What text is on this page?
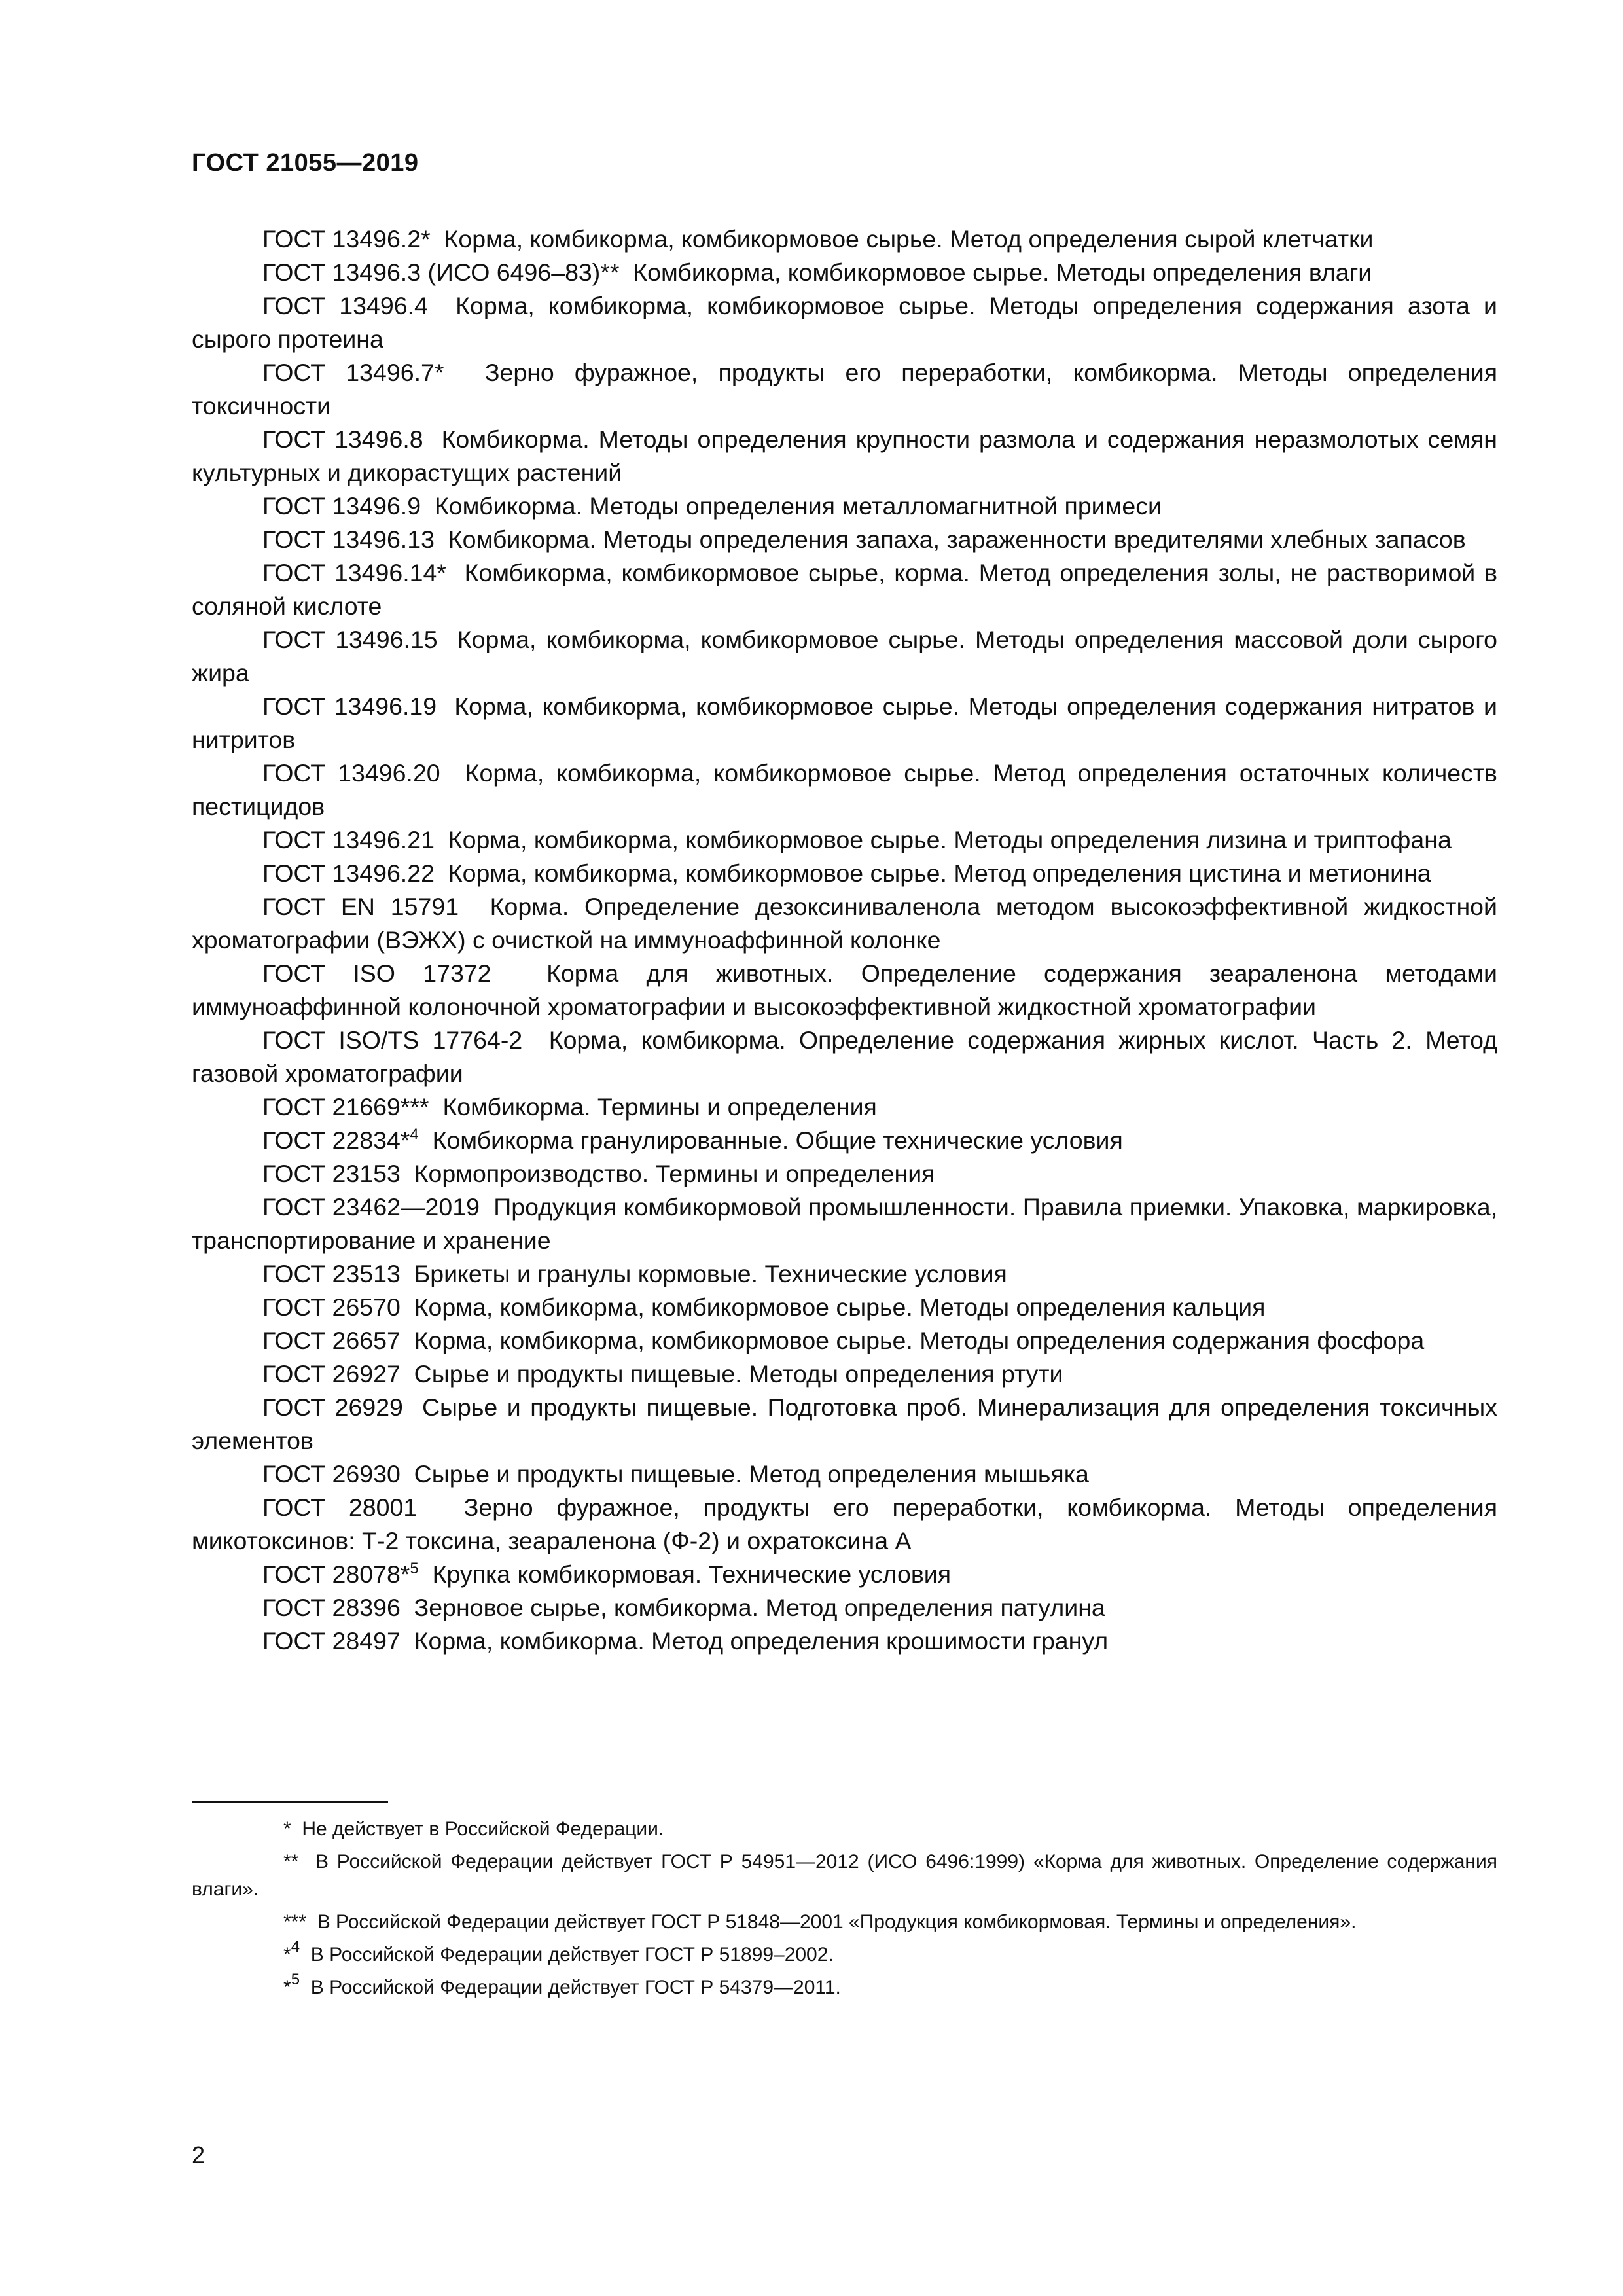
ГОСТ 21055—2019

ГОСТ 13496.2* Корма, комбикорма, комбикормовое сырье. Метод определения сырой клетчатки

ГОСТ 13496.3 (ИСО 6496–83)** Комбикорма, комбикормовое сырье. Методы определения влаги

ГОСТ 13496.4 Корма, комбикорма, комбикормовое сырье. Методы определения содержания азота и сырого протеина

ГОСТ 13496.7* Зерно фуражное, продукты его переработки, комбикорма. Методы определения токсичности

ГОСТ 13496.8 Комбикорма. Методы определения крупности размола и содержания неразмолотых семян культурных и дикорастущих растений

ГОСТ 13496.9 Комбикорма. Методы определения металломагнитной примеси

ГОСТ 13496.13 Комбикорма. Методы определения запаха, зараженности вредителями хлебных запасов

ГОСТ 13496.14* Комбикорма, комбикормовое сырье, корма. Метод определения золы, не растворимой в соляной кислоте

ГОСТ 13496.15 Корма, комбикорма, комбикормовое сырье. Методы определения массовой доли сырого жира

ГОСТ 13496.19 Корма, комбикорма, комбикормовое сырье. Методы определения содержания нитратов и нитритов

ГОСТ 13496.20 Корма, комбикорма, комбикормовое сырье. Метод определения остаточных количеств пестицидов

ГОСТ 13496.21 Корма, комбикорма, комбикормовое сырье. Методы определения лизина и триптофана

ГОСТ 13496.22 Корма, комбикорма, комбикормовое сырье. Метод определения цистина и метионина

ГОСТ EN 15791 Корма. Определение дезоксиниваленола методом высокоэффективной жидкостной хроматографии (ВЭЖХ) с очисткой на иммуноаффинной колонке

ГОСТ ISO 17372 Корма для животных. Определение содержания зеараленона методами иммуноаффинной колоночной хроматографии и высокоэффективной жидкостной хроматографии

ГОСТ ISO/TS 17764-2 Корма, комбикорма. Определение содержания жирных кислот. Часть 2. Метод газовой хроматографии

ГОСТ 21669*** Комбикорма. Термины и определения

ГОСТ 22834*$^4$ Комбикорма гранулированные. Общие технические условия

ГОСТ 23153 Кормопроизводство. Термины и определения

ГОСТ 23462—2019 Продукция комбикормовой промышленности. Правила приемки. Упаковка, маркировка, транспортирование и хранение

ГОСТ 23513 Брикеты и гранулы кормовые. Технические условия

ГОСТ 26570 Корма, комбикорма, комбикормовое сырье. Методы определения кальция

ГОСТ 26657 Корма, комбикорма, комбикормовое сырье. Методы определения содержания фосфора

ГОСТ 26927 Сырье и продукты пищевые. Методы определения ртути

ГОСТ 26929 Сырье и продукты пищевые. Подготовка проб. Минерализация для определения токсичных элементов

ГОСТ 26930 Сырье и продукты пищевые. Метод определения мышьяка

ГОСТ 28001 Зерно фуражное, продукты его переработки, комбикорма. Методы определения микотоксинов: Т-2 токсина, зеараленона (Ф-2) и охратоксина А

ГОСТ 28078*$^5$ Крупка комбикормовая. Технические условия

ГОСТ 28396 Зерновое сырье, комбикорма. Метод определения патулина

ГОСТ 28497 Корма, комбикорма. Метод определения крошимости гранул

* Не действует в Российской Федерации.

** В Российской Федерации действует ГОСТ Р 54951—2012 (ИСО 6496:1999) «Корма для животных. Определение содержания влаги».

*** В Российской Федерации действует ГОСТ Р 51848—2001 «Продукция комбикормовая. Термины и определения».

*$^4$ В Российской Федерации действует ГОСТ Р 51899–2002.

*$^5$ В Российской Федерации действует ГОСТ Р 54379—2011.

2
